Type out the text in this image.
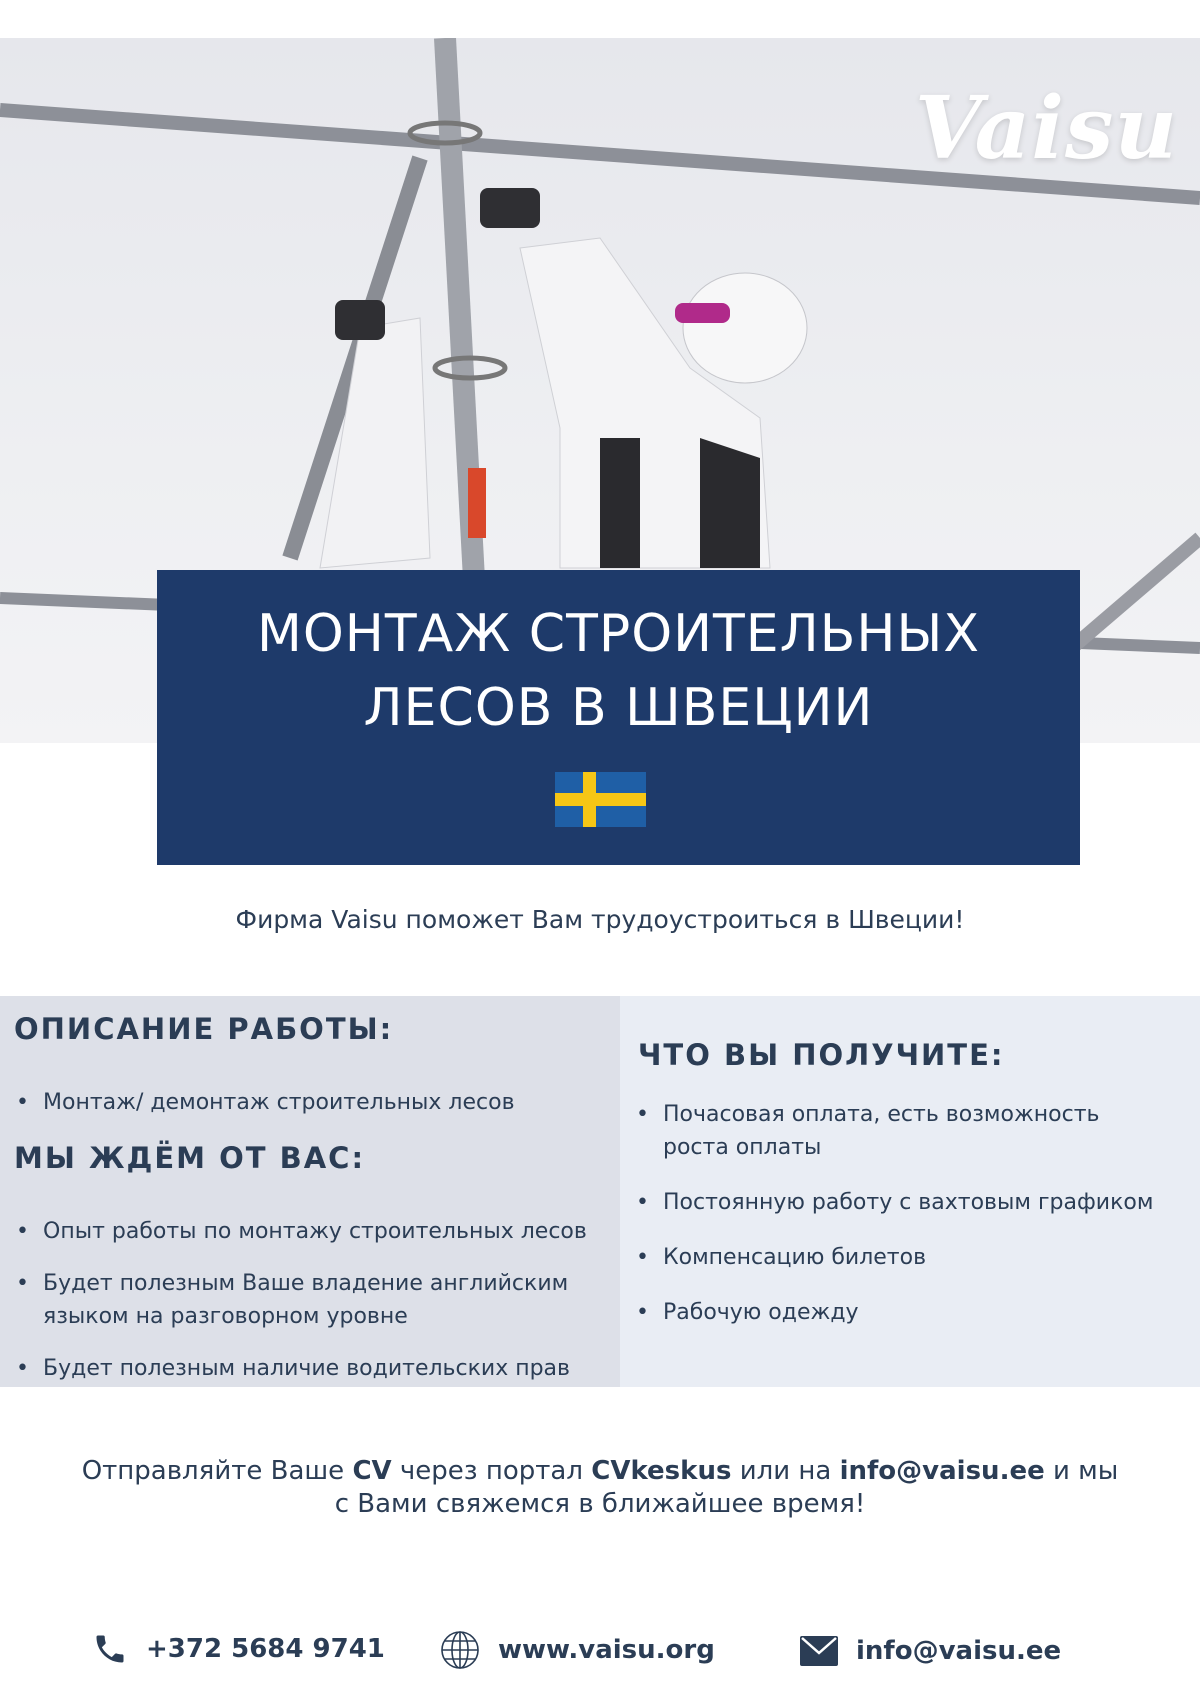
Vaisu
МОНТАЖ СТРОИТЕЛЬНЫХ
ЛЕСОВ В ШВЕЦИИ
Фирма Vaisu поможет Вам трудоустроиться в Швеции!
ОПИСАНИЕ РАБОТЫ:
• Монтаж/ демонтаж строительных лесов
МЫ ЖДЁМ ОТ ВАС:
• Опыт работы по монтажу строительных лесов
• Будет полезным Ваше владение английским языком на разговорном уровне
• Будет полезным наличие водительских прав
ЧТО ВЫ ПОЛУЧИТЕ:
• Почасовая оплата, есть возможность роста оплаты
• Постоянную работу с вахтовым графиком
• Компенсацию билетов
• Рабочую одежду
Отправляйте Ваше CV через портал CVkeskus или на info@vaisu.ee и мы
с Вами свяжемся в ближайшее время!
+372 5684 9741	www.vaisu.org	info@vaisu.ee
